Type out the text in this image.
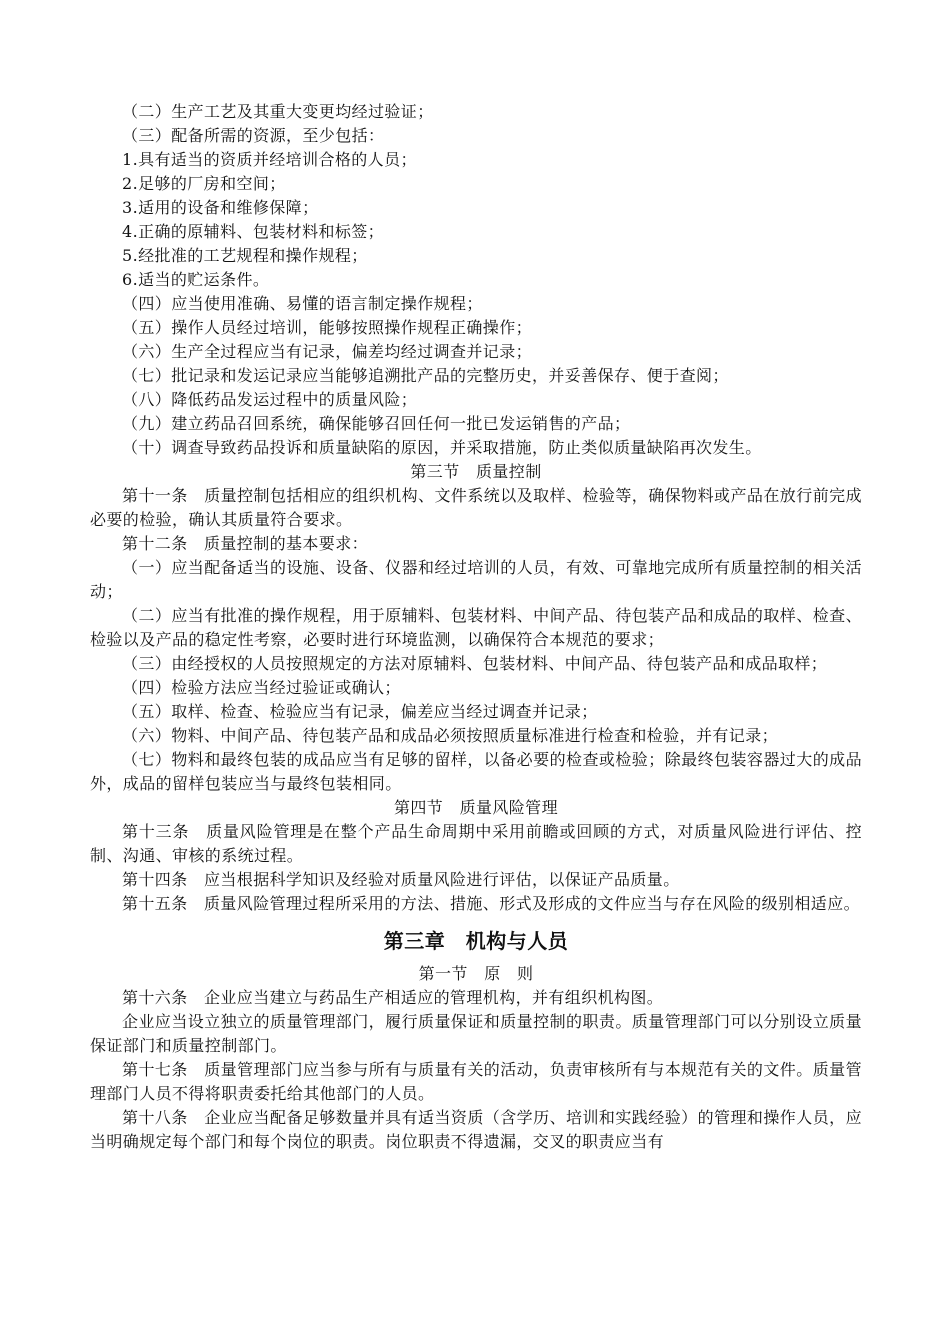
（二）生产工艺及其重大变更均经过验证；

（三）配备所需的资源，至少包括：

1.具有适当的资质并经培训合格的人员；

2.足够的厂房和空间；

3.适用的设备和维修保障；

4.正确的原辅料、包装材料和标签；

5.经批准的工艺规程和操作规程；

6.适当的贮运条件。

（四）应当使用准确、易懂的语言制定操作规程；

（五）操作人员经过培训，能够按照操作规程正确操作；

（六）生产全过程应当有记录，偏差均经过调查并记录；

（七）批记录和发运记录应当能够追溯批产品的完整历史，并妥善保存、便于查阅；

（八）降低药品发运过程中的质量风险；

（九）建立药品召回系统，确保能够召回任何一批已发运销售的产品；

（十）调查导致药品投诉和质量缺陷的原因，并采取措施，防止类似质量缺陷再次发生。

第三节　质量控制

第十一条　质量控制包括相应的组织机构、文件系统以及取样、检验等，确保物料或产品在放行前完成必要的检验，确认其质量符合要求。

第十二条　质量控制的基本要求：

（一）应当配备适当的设施、设备、仪器和经过培训的人员，有效、可靠地完成所有质量控制的相关活动；

（二）应当有批准的操作规程，用于原辅料、包装材料、中间产品、待包装产品和成品的取样、检查、检验以及产品的稳定性考察，必要时进行环境监测，以确保符合本规范的要求；

（三）由经授权的人员按照规定的方法对原辅料、包装材料、中间产品、待包装产品和成品取样；

（四）检验方法应当经过验证或确认；

（五）取样、检查、检验应当有记录，偏差应当经过调查并记录；

（六）物料、中间产品、待包装产品和成品必须按照质量标准进行检查和检验，并有记录；

（七）物料和最终包装的成品应当有足够的留样，以备必要的检查或检验；除最终包装容器过大的成品外，成品的留样包装应当与最终包装相同。

第四节　质量风险管理

第十三条　质量风险管理是在整个产品生命周期中采用前瞻或回顾的方式，对质量风险进行评估、控制、沟通、审核的系统过程。

第十四条　应当根据科学知识及经验对质量风险进行评估，以保证产品质量。

第十五条　质量风险管理过程所采用的方法、措施、形式及形成的文件应当与存在风险的级别相适应。

第三章　机构与人员

第一节　原　则

第十六条　企业应当建立与药品生产相适应的管理机构，并有组织机构图。

企业应当设立独立的质量管理部门，履行质量保证和质量控制的职责。质量管理部门可以分别设立质量保证部门和质量控制部门。

第十七条　质量管理部门应当参与所有与质量有关的活动，负责审核所有与本规范有关的文件。质量管理部门人员不得将职责委托给其他部门的人员。

第十八条　企业应当配备足够数量并具有适当资质（含学历、培训和实践经验）的管理和操作人员，应当明确规定每个部门和每个岗位的职责。岗位职责不得遗漏，交叉的职责应当有
